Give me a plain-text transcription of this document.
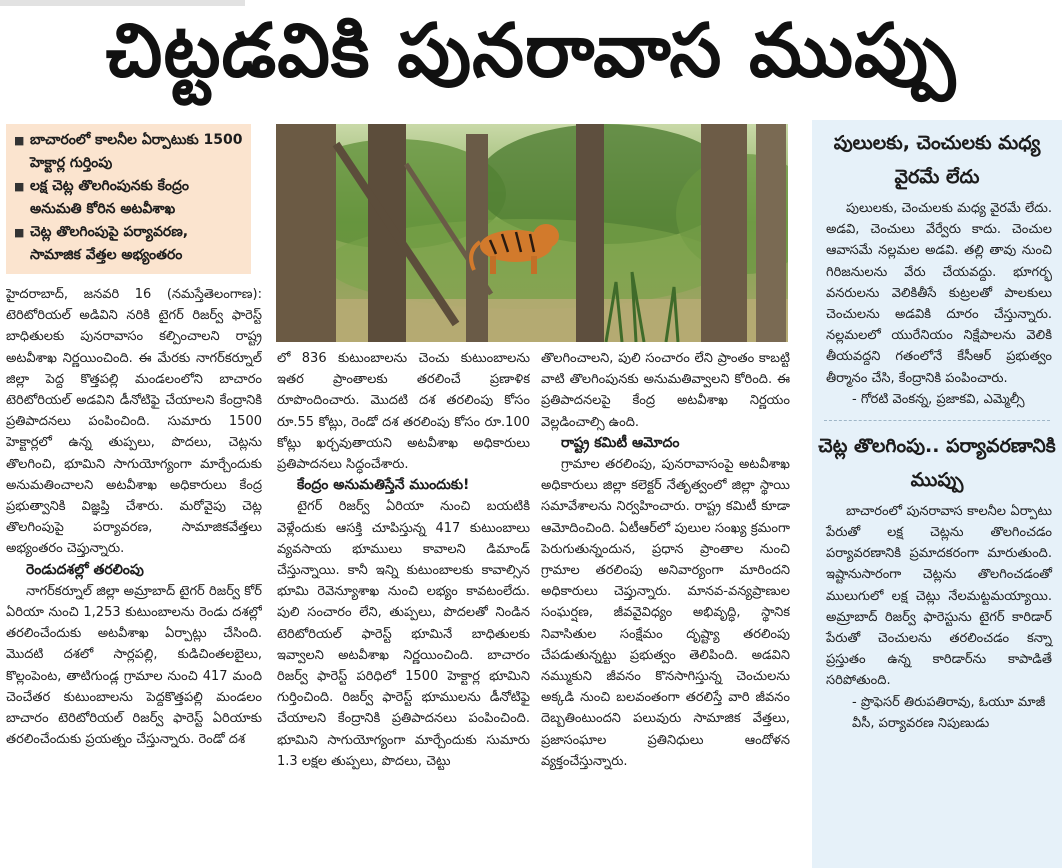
చిట్టడవికి పునరావాస ముప్పు
■ బాచారంలో కాలనీల ఏర్పాటుకు 1500 హెక్టార్ల గుర్తింపు
■ లక్ష చెట్ల తొలగింపునకు కేంద్రం అనుమతి కోరిన అటవీశాఖ
■ చెట్ల తొలగింపుపై పర్యావరణ, సామాజిక వేత్తల అభ్యంతరం

హైదరాబాద్, జనవరి 16 (నమస్తేతెలంగాణ): టెరిటోరియల్ అడివిని నరికి టైగర్ రిజర్వ్ ఫారెస్ట్ బాధితులకు పునరావాసం కల్పించాలని రాష్ట్ర అటవీశాఖ నిర్ణయించింది. ఈ మేరకు నాగర్‌కర్నూల్ జిల్లా పెద్ద కొత్తపల్లి మండలంలోని బాచారం టెరిటోరియల్ అడవిని డీనోటిఫై చేయాలని కేంద్రానికి ప్రతిపాదనలు పంపించింది. సుమారు 1500 హెక్టార్లలో ఉన్న తుప్పలు, పొదలు, చెట్లను తొలగించి, భూమిని సాగుయోగ్యంగా మార్చేందుకు అనుమతించాలని అటవీశాఖ అధికారులు కేంద్ర ప్రభుత్వానికి విజ్ఞప్తి చేశారు. మరోవైపు చెట్ల తొలగింపుపై పర్యావరణ, సామాజికవేత్తలు అభ్యంతరం చెప్తున్నారు.

రెండుదశల్లో తరలింపు

నాగర్‌కర్నూల్ జిల్లా అమ్రాబాద్ టైగర్ రిజర్వ్ కోర్ ఏరియా నుంచి 1,253 కుటుంబాలను రెండు దశల్లో తరలించేందుకు అటవీశాఖ ఏర్పాట్లు చేసింది. మొదటి దశలో సార్లపల్లి, కుడిచింతలబైలు, కొల్లంపెంట, తాటిగుండ్ల గ్రామాల నుంచి 417 మంది చెంచేతర కుటుంబాలను పెద్దకొత్తపల్లి మండలం బాచారం టెరిటోరియల్ రిజర్వ్ ఫారెస్ట్ ఏరియాకు తరలించేందుకు ప్రయత్నం చేస్తున్నారు. రెండో దశ

లో 836 కుటుంబాలను చెంచు కుటుంబాలను ఇతర ప్రాంతాలకు తరలించే ప్రణాళిక రూపొందించారు. మొదటి దశ తరలింపు కోసం రూ.55 కోట్లు, రెండో దశ తరలింపు కోసం రూ.100 కోట్లు ఖర్చవుతాయని అటవీశాఖ అధికారులు ప్రతిపాదనలు సిద్ధంచేశారు.

కేంద్రం అనుమతిస్తేనే ముందుకు!

టైగర్ రిజర్వ్ ఏరియా నుంచి బయటికి వెళ్లేందుకు ఆసక్తి చూపిస్తున్న 417 కుటుంబాలు వ్యవసాయ భూములు కావాలని డిమాండ్ చేస్తున్నాయి. కానీ ఇన్ని కుటుంబాలకు కావాల్సిన భూమి రెవెన్యూశాఖ నుంచి లభ్యం కావటంలేదు. పులి సంచారం లేని, తుప్పలు, పొదలతో నిండిన టెరిటోరియల్ ఫారెస్ట్ భూమినే బాధితులకు ఇవ్వాలని అటవీశాఖ నిర్ణయించింది. బాచారం రిజర్వ్ ఫారెస్ట్ పరిధిలో 1500 హెక్టార్ల భూమిని గుర్తించింది. రిజర్వ్ ఫారెస్ట్ భూములను డీనోటిఫై చేయాలని కేంద్రానికి ప్రతిపాదనలు పంపించింది. భూమిని సాగుయోగ్యంగా మార్చేందుకు సుమారు 1.3 లక్షల తుప్పలు, పొదలు, చెట్టు

తొలగించాలని, పులి సంచారం లేని ప్రాంతం కాబట్టి వాటి తొలగింపునకు అనుమతివ్వాలని కోరింది. ఈ ప్రతిపాదనలపై కేంద్ర అటవీశాఖ నిర్ణయం వెల్లడించాల్సి ఉంది.

రాష్ట్ర కమిటీ ఆమోదం

గ్రామాల తరలింపు, పునరావాసంపై అటవీశాఖ అధికారులు జిల్లా కలెక్టర్ నేతృత్వంలో జిల్లా స్థాయి సమావేశాలను నిర్వహించారు. రాష్ట్ర కమిటీ కూడా ఆమోదించింది. ఏటీఆర్‌లో పులుల సంఖ్య క్రమంగా పెరుగుతున్నందున, ప్రధాన ప్రాంతాల నుంచి గ్రామాల తరలింపు అనివార్యంగా మారిందని అధికారులు చెప్తున్నారు. మానవ-వన్యప్రాణుల సంఘర్షణ, జీవవైవిధ్యం అభివృద్ధి, స్థానిక నివాసితుల సంక్షేమం దృష్ట్యా తరలింపు చేపడుతున్నట్టు ప్రభుత్వం తెలిపింది. అడవిని నమ్ముకుని జీవనం కొనసాగిస్తున్న చెంచులను అక్కడి నుంచి బలవంతంగా తరలిస్తే వారి జీవనం దెబ్బతింటుందని పలువురు సామాజిక వేత్తలు, ప్రజాసంఘాల ప్రతినిధులు ఆందోళన వ్యక్తంచేస్తున్నారు.

పులులకు, చెంచులకు మధ్య వైరమే లేదు

పులులకు, చెంచులకు మధ్య వైరమే లేదు. అడవి, చెంచులు వేర్వేరు కాదు. చెంచుల ఆవాసమే నల్లమల అడవి. తల్లి తావు నుంచి గిరిజనులను వేరు చేయవద్దు. భూగర్భ వనరులను వెలికితీసే కుట్రలతో పాలకులు చెంచులను అడవికి దూరం చేస్తున్నారు. నల్లమలలో యురేనియం నిక్షేపాలను వెలికి తీయవద్దని గతంలోనే కేసీఆర్ ప్రభుత్వం తీర్మానం చేసి, కేంద్రానికి పంపించారు.

- గోరటి వెంకన్న, ప్రజాకవి, ఎమ్మెల్సీ
చెట్ల తొలగింపు.. పర్యావరణానికి ముప్పు

బాచారంలో పునరావాస కాలనీల ఏర్పాటు పేరుతో లక్ష చెట్లను తొలగించడం పర్యావరణానికి ప్రమాదకరంగా మారుతుంది. ఇష్టానుసారంగా చెట్లను తొలగించడంతో ములుగులో లక్ష చెట్లు నేలమట్టమయ్యాయి. అమ్రాబాద్ రిజర్వ్ ఫారెస్టును టైగర్ కారిడార్ పేరుతో చెంచులను తరలించడం కన్నా ప్రస్తుతం ఉన్న కారిడార్‌ను కాపాడితే సరిపోతుంది.

- ప్రొఫెసర్ తిరుపతిరావు, ఓయూ మాజీ వీసీ, పర్యావరణ నిపుణుడు
